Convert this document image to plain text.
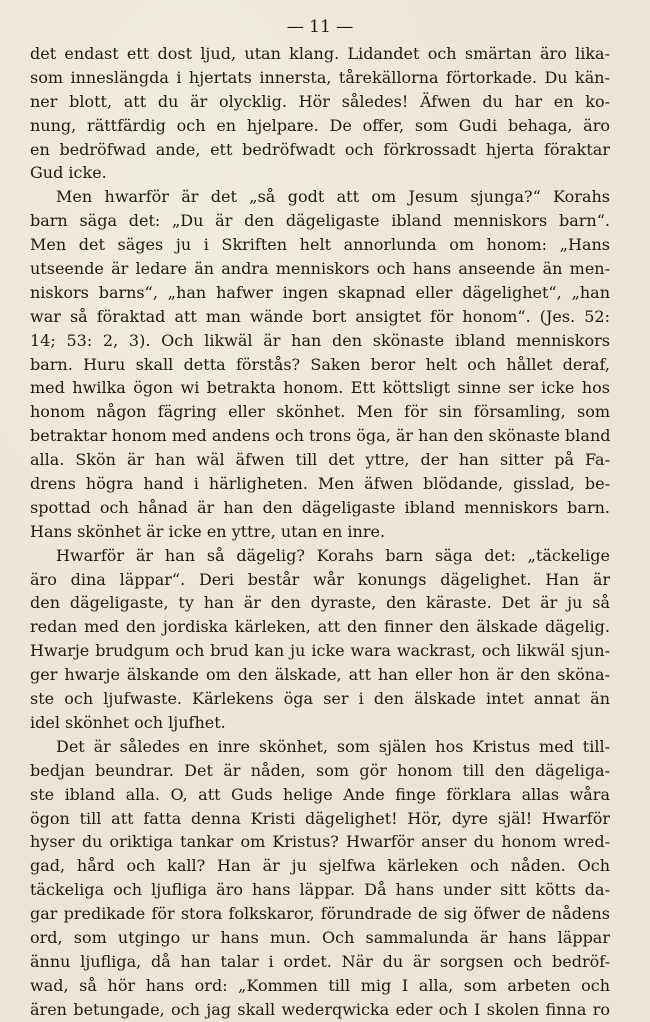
— 11 —
det endast ett dost ljud, utan klang. Lidandet och smärtan äro lika-
som inneslängda i hjertats innersta, tårekällorna förtorkade. Du kän-
ner blott, att du är olycklig. Hör således! Äfwen du har en ko-
nung, rättfärdig och en hjelpare. De offer, som Gudi behaga, äro
en bedröfwad ande, ett bedröfwadt och förkrossadt hjerta föraktar
Gud icke.
Men hwarför är det „så godt att om Jesum sjunga?“ Korahs
barn säga det: „Du är den dägeligaste ibland menniskors barn“.
Men det säges ju i Skriften helt annorlunda om honom: „Hans
utseende är ledare än andra menniskors och hans anseende än men-
niskors barns“, „han hafwer ingen skapnad eller dägelighet“, „han
war så föraktad att man wände bort ansigtet för honom“. (Jes. 52:
14; 53: 2, 3). Och likwäl är han den skönaste ibland menniskors
barn. Huru skall detta förstås? Saken beror helt och hållet deraf,
med hwilka ögon wi betrakta honom. Ett köttsligt sinne ser icke hos
honom någon fägring eller skönhet. Men för sin församling, som
betraktar honom med andens och trons öga, är han den skönaste bland
alla. Skön är han wäl äfwen till det yttre, der han sitter på Fa-
drens högra hand i härligheten. Men äfwen blödande, gisslad, be-
spottad och hånad är han den dägeligaste ibland menniskors barn.
Hans skönhet är icke en yttre, utan en inre.
Hwarför är han så dägelig? Korahs barn säga det: „täckelige
äro dina läppar“. Deri består wår konungs dägelighet. Han är
den dägeligaste, ty han är den dyraste, den käraste. Det är ju så
redan med den jordiska kärleken, att den finner den älskade dägelig.
Hwarje brudgum och brud kan ju icke wara wackrast, och likwäl sjun-
ger hwarje älskande om den älskade, att han eller hon är den sköna-
ste och ljufwaste. Kärlekens öga ser i den älskade intet annat än
idel skönhet och ljufhet.
Det är således en inre skönhet, som själen hos Kristus med till-
bedjan beundrar. Det är nåden, som gör honom till den dägeliga-
ste ibland alla. O, att Guds helige Ande finge förklara allas wåra
ögon till att fatta denna Kristi dägelighet! Hör, dyre själ! Hwarför
hyser du oriktiga tankar om Kristus? Hwarför anser du honom wred-
gad, hård och kall? Han är ju sjelfwa kärleken och nåden. Och
täckeliga och ljufliga äro hans läppar. Då hans under sitt kötts da-
gar predikade för stora folkskaror, förundrade de sig öfwer de nådens
ord, som utgingo ur hans mun. Och sammalunda är hans läppar
ännu ljufliga, då han talar i ordet. När du är sorgsen och bedröf-
wad, så hör hans ord: „Kommen till mig I alla, som arbeten och
ären betungade, och jag skall wederqwicka eder och I skolen finna ro
